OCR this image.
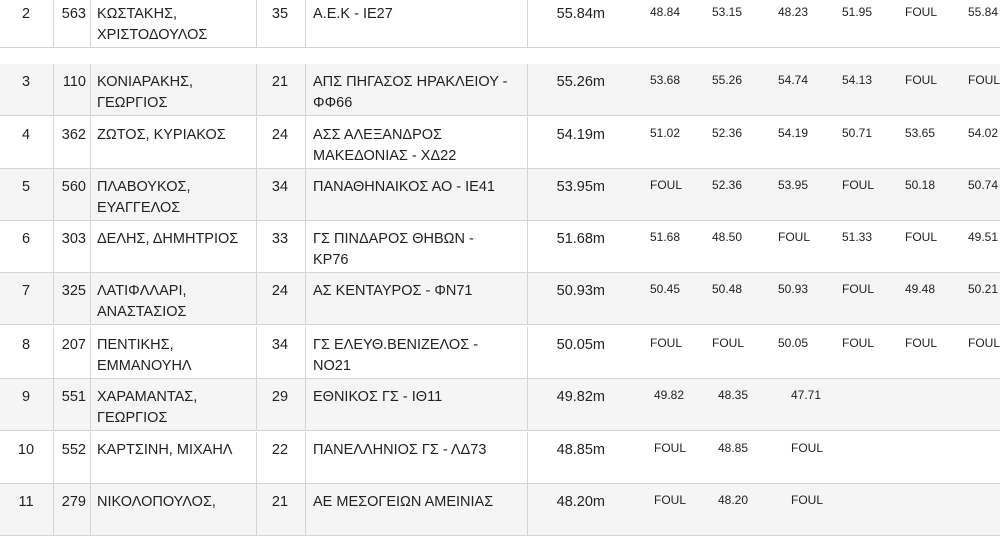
2	563 ΚΩΣΤΑΚΗΣ,
ΧΡΙΣΤΟΔΟΥΛΟΣ
35	Α.Ε.Κ - ΙΕ27	55.84m	48.84	53.15	48.23	51.95	FOUL	55.84
3	110 ΚΟΝΙΑΡΑΚΗΣ,
ΓΕΩΡΓΙΟΣ
21	ΑΠΣ ΠΗΓΑΣΟΣ ΗΡΑΚΛΕΙΟΥ -
ΦΦ66
55.26m	53.68	55.26	54.74	54.13	FOUL	FOUL
4	362 ΖΩΤΟΣ, ΚΥΡΙΑΚΟΣ	24	ΑΣΣ ΑΛΕΞΑΝΔΡΟΣ
ΜΑΚΕΔΟΝΙΑΣ - ΧΔ22
54.19m	51.02	52.36	54.19	50.71	53.65	54.02
5	560 ΠΛΑΒΟΥΚΟΣ,
ΕΥΑΓΓΕΛΟΣ
34	ΠΑΝΑΘΗΝΑΙΚΟΣ ΑΟ - ΙΕ41	53.95m	FOUL 52.36	53.95	FOUL	50.18	50.74
6	303 ΔΕΛΗΣ, ΔΗΜΗΤΡΙΟΣ	33	ΓΣ ΠΙΝΔΑΡΟΣ ΘΗΒΩΝ -
ΚΡ76
51.68m	51.68	48.50	FOUL	51.33	FOUL	49.51
7	325 ΛΑΤΙΦΛΛΑΡΙ,
ΑΝΑΣΤΑΣΙΟΣ
24	ΑΣ ΚΕΝΤΑΥΡΟΣ - ΦΝ71	50.93m	50.45	50.48	50.93	FOUL	49.48	50.21
8	207 ΠΕΝΤΙΚΗΣ,
ΕΜΜΑΝΟΥΗΛ
34	ΓΣ ΕΛΕΥΘ.ΒΕΝΙΖΕΛΟΣ -
ΝΟ21
50.05m	FOUL FOUL	50.05	FOUL	FOUL	FOUL
9	551 ΧΑΡΑΜΑΝΤΑΣ,
ΓΕΩΡΓΙΟΣ
29	ΕΘΝΙΚΟΣ ΓΣ - ΙΘ11	49.82m	49.82	48.35	47.71
10	552 ΚΑΡΤΣΙΝΗ, ΜΙΧΑΗΛ	22	ΠΑΝΕΛΛΗΝΙΟΣ ΓΣ - ΛΔ73	48.85m	FOUL	48.85	FOUL
11	279 ΝΙΚΟΛΟΠΟΥΛΟΣ,
	21	ΑΕ ΜΕΣΟΓΕΙΩΝ ΑΜΕΙΝΙΑΣ
	48.20m	FOUL	48.20	FOUL
